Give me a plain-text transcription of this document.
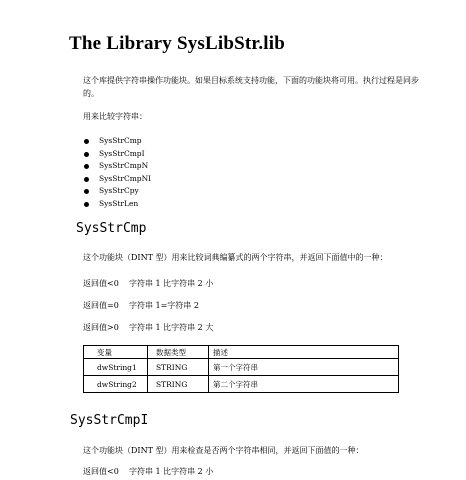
The Library SysLibStr.lib

这个库提供字符串操作功能块。如果目标系统支持功能，下面的功能块将可用。执行过程是同步的。

用来比较字符串：

SysStrCmp
SysStrCmpI
SysStrCmpN
SysStrCmpNI
SysStrCpy
SysStrLen
SysStrCmp

这个功能块（DINT 型）用来比较词典编纂式的两个字符串，并返回下面值中的一种：

返回值<0    字符串 1 比字符串 2 小

返回值=0    字符串 1=字符串 2

返回值>0    字符串 1 比字符串 2 大

变量	数据类型	描述
dwString1	STRING	第一个字符串
dwString2	STRING	第二个字符串
SysStrCmpI

这个功能块（DINT 型）用来检查是否两个字符串相同，并返回下面值的一种：

返回值<0    字符串 1 比字符串 2 小
